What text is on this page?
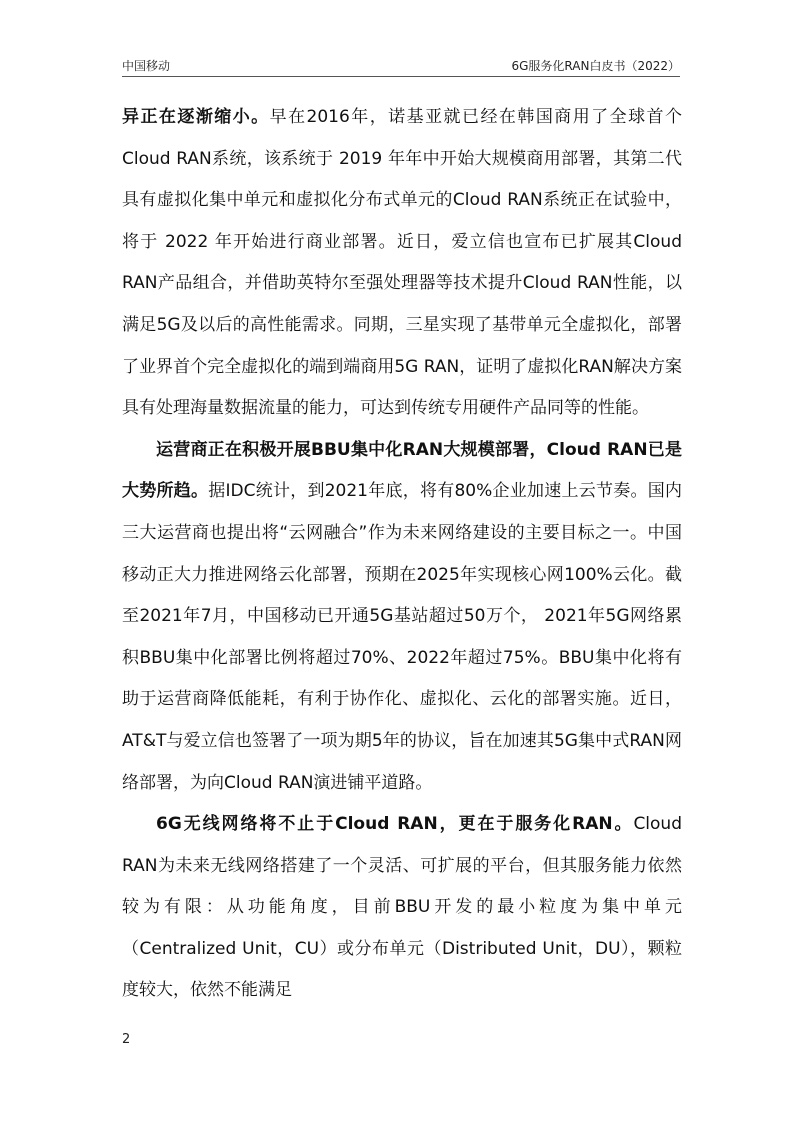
中国移动	6G服务化RAN白皮书（2022）

异正在逐渐缩小。早在2016年，诺基亚就已经在韩国商用了全球首个Cloud RAN系统，该系统于 2019 年年中开始大规模商用部署，其第二代具有虚拟化集中单元和虚拟化分布式单元的Cloud RAN系统正在试验中，将于 2022 年开始进行商业部署。近日，爱立信也宣布已扩展其Cloud RAN产品组合，并借助英特尔至强处理器等技术提升Cloud RAN性能，以满足5G及以后的高性能需求。同期，三星实现了基带单元全虚拟化，部署了业界首个完全虚拟化的端到端商用5G RAN，证明了虚拟化RAN解决方案具有处理海量数据流量的能力，可达到传统专用硬件产品同等的性能。

运营商正在积极开展BBU集中化RAN大规模部署，Cloud RAN已是大势所趋。据IDC统计，到2021年底，将有80%企业加速上云节奏。国内三大运营商也提出将“云网融合”作为未来网络建设的主要目标之一。中国移动正大力推进网络云化部署，预期在2025年实现核心网100%云化。截至2021年7月，中国移动已开通5G基站超过50万个， 2021年5G网络累积BBU集中化部署比例将超过70%、2022年超过75%。BBU集中化将有助于运营商降低能耗，有利于协作化、虚拟化、云化的部署实施。近日，AT&T与爱立信也签署了一项为期5年的协议，旨在加速其5G集中式RAN网络部署，为向Cloud RAN演进铺平道路。

6G无线网络将不止于Cloud RAN，更在于服务化RAN。Cloud RAN为未来无线网络搭建了一个灵活、可扩展的平台，但其服务能力依然较为有限：从功能角度，目前BBU开发的最小粒度为集中单元（Centralized Unit，CU）或分布单元（Distributed Unit，DU），颗粒度较大，依然不能满足

2
